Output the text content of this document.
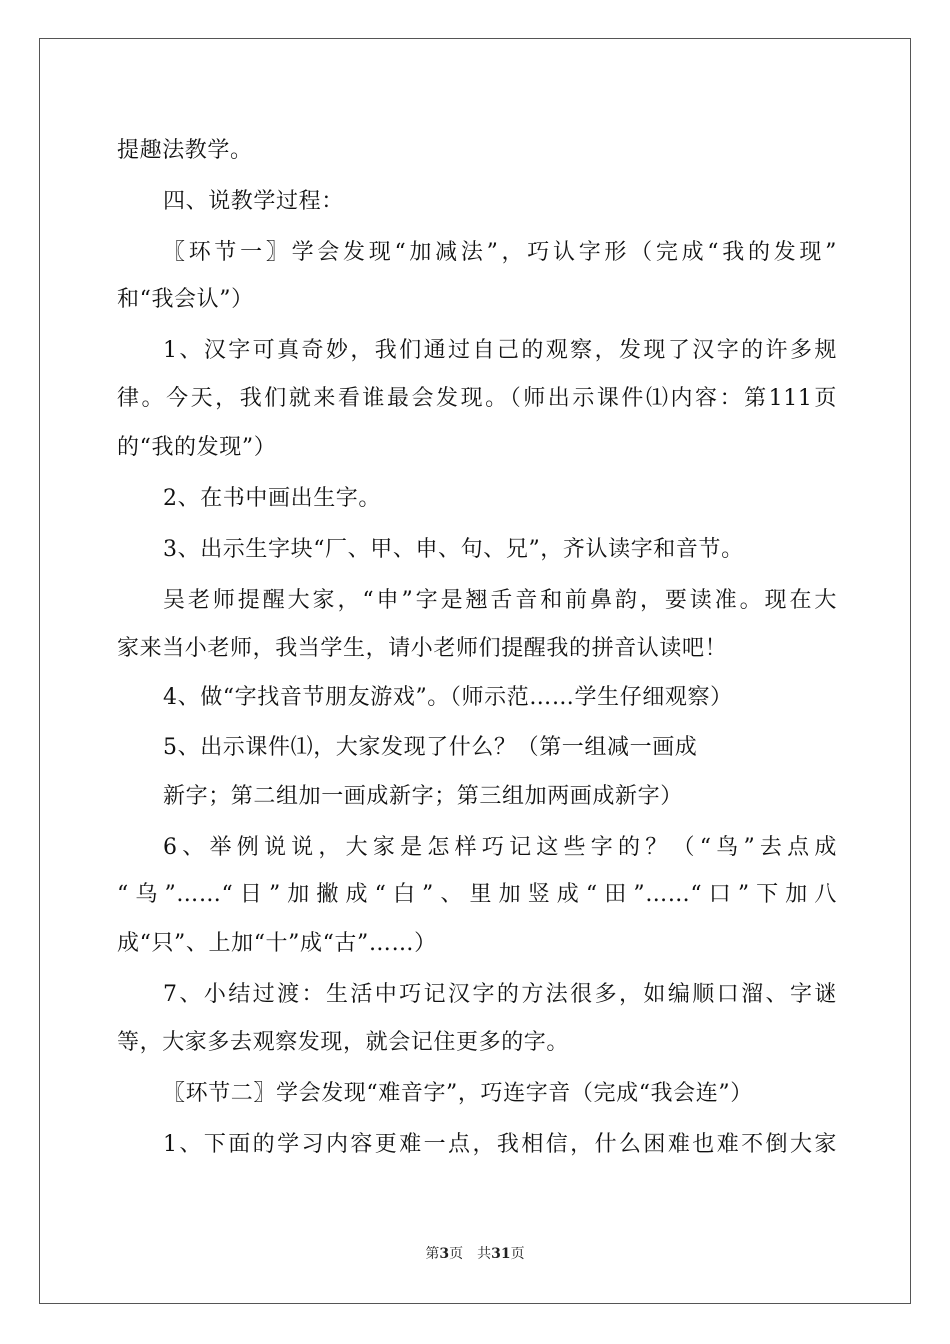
提趣法教学。
四、说教学过程：
〖环节一〗学会发现“加减法”，巧认字形（完成“我的发现”
和“我会认”）
1、汉字可真奇妙，我们通过自己的观察，发现了汉字的许多规
律。今天，我们就来看谁最会发现。（师出示课件⑴内容：第111页
的“我的发现”）
2、在书中画出生字。
3、出示生字块“厂、甲、申、句、兄”，齐认读字和音节。
吴老师提醒大家，“申”字是翘舌音和前鼻韵，要读准。现在大
家来当小老师，我当学生，请小老师们提醒我的拼音认读吧！
4、做“字找音节朋友游戏”。（师示范……学生仔细观察）
5、出示课件⑴，大家发现了什么？（第一组减一画成
新字；第二组加一画成新字；第三组加两画成新字）
6、举例说说，大家是怎样巧记这些字的？（“鸟”去点成
“乌”……“日”加撇成“白”、里加竖成“田”……“口”下加八
成“只”、上加“十”成“古”……）
7、小结过渡：生活中巧记汉字的方法很多，如编顺口溜、字谜
等，大家多去观察发现，就会记住更多的字。
〖环节二〗学会发现“难音字”，巧连字音（完成“我会连”）
1、下面的学习内容更难一点，我相信，什么困难也难不倒大家
第3页 共31页
